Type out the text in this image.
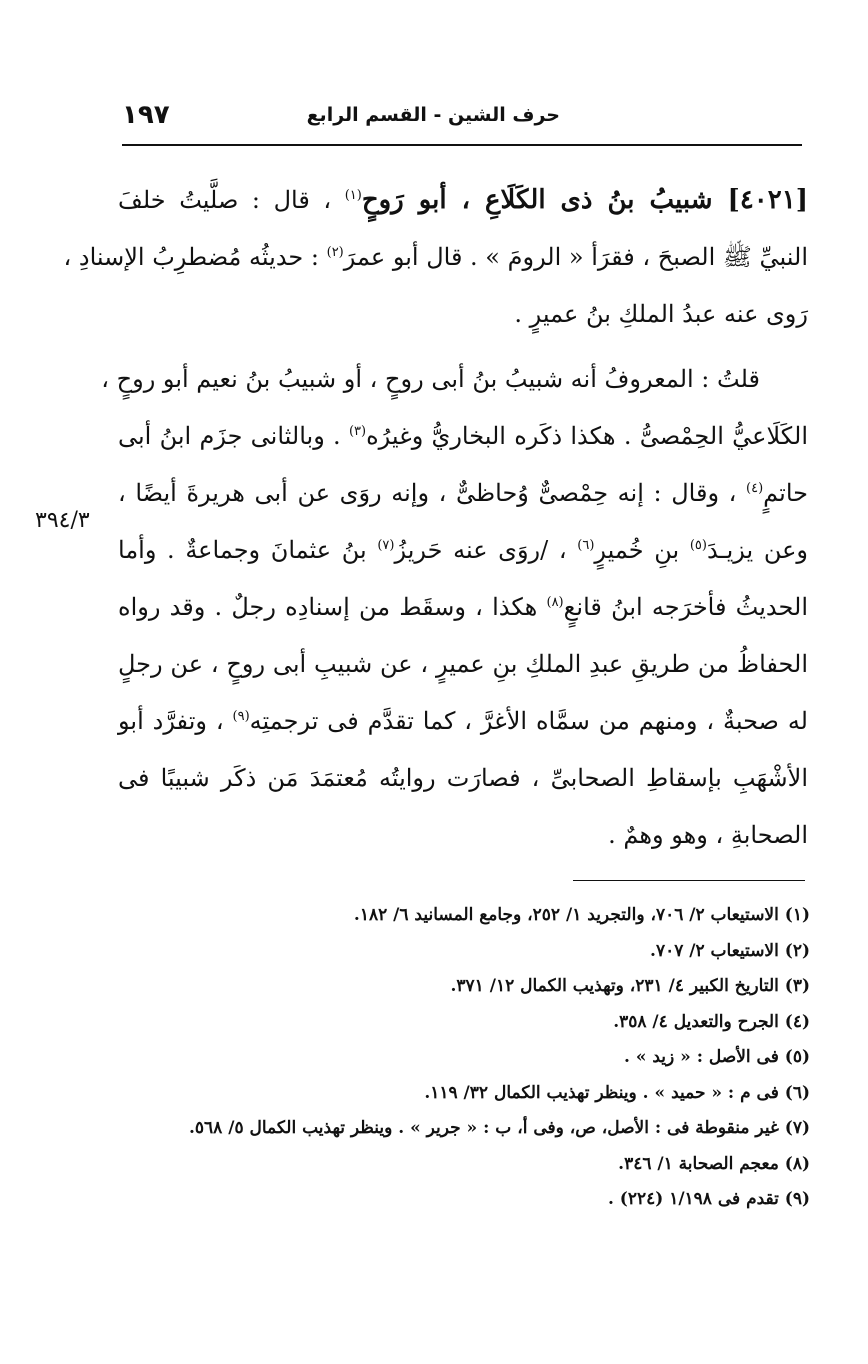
١٩٧	حرف الشين - القسم الرابع
٣٩٤/٣
[٤٠٢١] شبيبُ بنُ ذى الكَلَاعِ ، أبو رَوحٍ$^{(١)}$ ، قال : صلَّيتُ خلفَ
النبيِّ ﷺ الصبحَ ، فقرَأ « الرومَ » . قال أبو عمرَ$^{(٢)}$ : حديثُه مُضطرِبُ الإسنادِ ،
رَوى عنه عبدُ الملكِ بنُ عميرٍ .
قلتُ : المعروفُ أنه شبيبُ بنُ أبى روحٍ ، أو شبيبُ بنُ نعيم أبو روحٍ ،
الكَلَاعيُّ الحِمْصىُّ . هكذا ذكَره البخاريُّ وغيرُه$^{(٣)}$ . وبالثانى جزَم ابنُ أبى
حاتمٍ$^{(٤)}$ ، وقال : إنه حِمْصىٌّ وُحاظىٌّ ، وإنه روَى عن أبى هريرةَ أيضًا ،
وعن يزيـدَ$^{(٥)}$ بنِ خُميرٍ$^{(٦)}$ ، /روَى عنه حَريزُ$^{(٧)}$ بنُ عثمانَ وجماعةٌ . وأما
الحديثُ فأخرَجه ابنُ قانعٍ$^{(٨)}$ هكذا ، وسقَط من إسنادِه رجلٌ . وقد رواه
الحفاظُ من طريقِ عبدِ الملكِ بنِ عميرٍ ، عن شبيبِ أبى روحٍ ، عن رجلٍ
له صحبةٌ ، ومنهم من سمَّاه الأغرَّ ، كما تقدَّم فى ترجمتِه$^{(٩)}$ ، وتفرَّد أبو
الأشْهَبِ بإسقاطِ الصحابىِّ ، فصارَت روايتُه مُعتمَدَ مَن ذكَر شبيبًا فى
الصحابةِ ، وهو وهمٌ .
(١) الاستيعاب ٢/ ٧٠٦، والتجريد ١/ ٢٥٢، وجامع المسانيد ٦/ ١٨٢.
(٢) الاستيعاب ٢/ ٧٠٧.
(٣) التاريخ الكبير ٤/ ٢٣١، وتهذيب الكمال ١٢/ ٣٧١.
(٤) الجرح والتعديل ٤/ ٣٥٨.
(٥) فى الأصل : « زيد » .
(٦) فى م : « حميد » . وينظر تهذيب الكمال ٣٢/ ١١٩.
(٧) غير منقوطة فى : الأصل، ص، وفى أ، ب : « جرير » . وينظر تهذيب الكمال ٥/ ٥٦٨.
(٨) معجم الصحابة ١/ ٣٤٦.
(٩) تقدم فى ١/١٩٨ (٢٢٤) .
